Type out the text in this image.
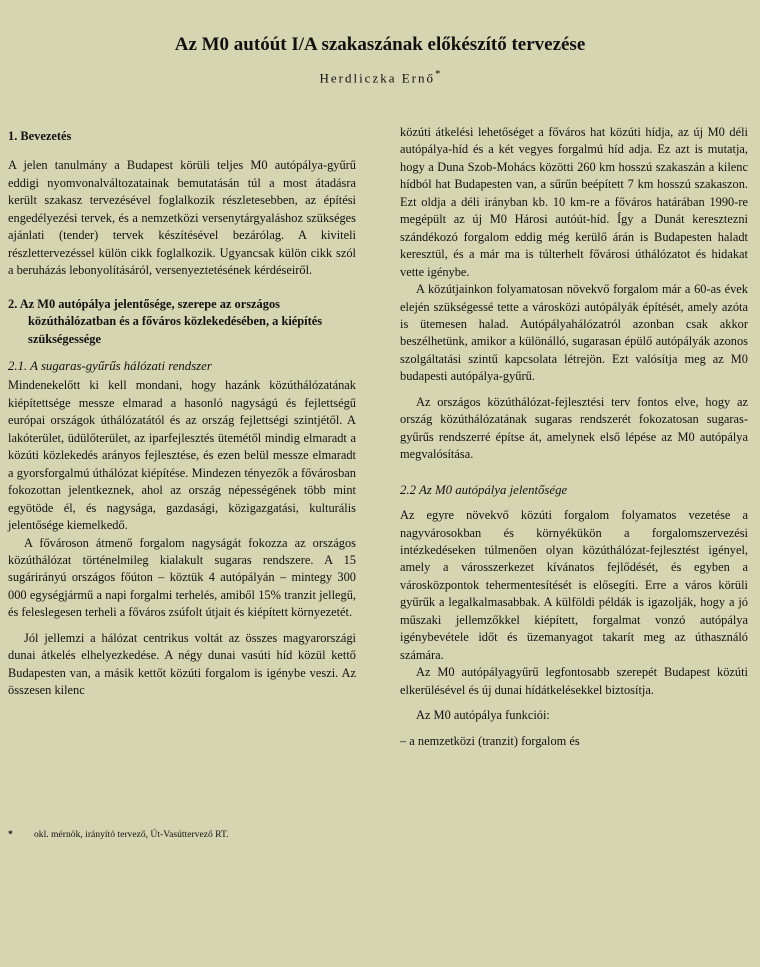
Az M0 autóút I/A szakaszának előkészítő tervezése
Herdliczka Ernő*

1. Bevezetés

A jelen tanulmány a Budapest körüli teljes M0 autópálya-gyűrű eddigi nyomvonalváltozatainak bemutatásán túl a most átadásra került szakasz tervezésével foglalkozik részletesebben, az építési engedélyezési tervek, és a nemzetközi versenytárgyaláshoz szükséges ajánlati (tender) tervek készítésével bezárólag. A kiviteli részlettervezéssel külön cikk foglalkozik. Ugyancsak külön cikk szól a beruházás lebonyolításáról, versenyeztetésének kérdéseiről.

2. Az M0 autópálya jelentősége, szerepe az országos közúthálózatban és a főváros közlekedésében, a kiépítés szükségessége

2.1. A sugaras-gyűrűs hálózati rendszer

Mindenekelőtt ki kell mondani, hogy hazánk közúthálózatának kiépítettsége messze elmarad a hasonló nagyságú és fejlettségű európai országok úthálózatától és az ország fejlettségi szintjétől. A lakóterület, üdülőterület, az iparfejlesztés ütemétől mindig elmaradt a közúti közlekedés arányos fejlesztése, és ezen belül messze elmaradt a gyorsforgalmú úthálózat kiépítése. Mindezen tényezők a fővárosban fokozottan jelentkeznek, ahol az ország népességének több mint egyötöde él, és nagysága, gazdasági, közigazgatási, kulturális jelentősége kiemelkedő.

A fővároson átmenő forgalom nagyságát fokozza az országos közúthálózat történelmileg kialakult sugaras rendszere. A 15 sugárirányú országos főúton – köztük 4 autópályán – mintegy 300 000 egységjármű a napi forgalmi terhelés, amiből 15% tranzit jellegű, és feleslegesen terheli a főváros zsúfolt útjait és kiépített környezetét.

Jól jellemzi a hálózat centrikus voltát az összes magyarországi dunai átkelés elhelyezkedése. A négy dunai vasúti híd közül kettő Budapesten van, a másik kettőt közúti forgalom is igénybe veszi. Az összesen kilenc

közúti átkelési lehetőséget a főváros hat közúti hídja, az új M0 déli autópálya-híd és a két vegyes forgalmú híd adja. Ez azt is mutatja, hogy a Duna Szob-Mohács közötti 260 km hosszú szakaszán a kilenc hídból hat Budapesten van, a sűrűn beépített 7 km hosszú szakaszon. Ezt oldja a déli irányban kb. 10 km-re a főváros határában 1990-re megépült az új M0 Hárosi autóút-híd. Így a Dunát keresztezni szándékozó forgalom eddig még kerülő árán is Budapesten haladt keresztül, és a már ma is túlterhelt fővárosi úthálózatot és hidakat vette igénybe.

A közútjainkon folyamatosan növekvő forgalom már a 60-as évek elején szükségessé tette a városközi autópályák építését, amely azóta is ütemesen halad. Autópályahálózatról azonban csak akkor beszélhetünk, amikor a különálló, sugarasan épülő autópályák azonos szolgáltatási szintű kapcsolata létrejön. Ezt valósítja meg az M0 budapesti autópálya-gyűrű.

Az országos közúthálózat-fejlesztési terv fontos elve, hogy az ország közúthálózatának sugaras rendszerét fokozatosan sugaras-gyűrűs rendszerré építse át, amelynek első lépése az M0 autópálya megvalósítása.

2.2 Az M0 autópálya jelentősége

Az egyre növekvő közúti forgalom folyamatos vezetése a nagyvárosokban és környékükön a forgalomszervezési intézkedéseken túlmenően olyan közúthálózat-fejlesztést igényel, amely a városszerkezet kívánatos fejlődését, és egyben a városközpontok tehermentesítését is elősegíti. Erre a város körüli gyűrűk a legalkalmasabbak. A külföldi példák is igazolják, hogy a jó műszaki jellemzőkkel kiépített, forgalmat vonzó autópálya igénybevétele időt és üzemanyagot takarít meg az úthasználó számára.

Az M0 autópályagyűrű legfontosabb szerepét Budapest közúti elkerülésével és új dunai hídátkelésekkel biztosítja.

Az M0 autópálya funkciói:

– a nemzetközi (tranzit) forgalom és

* okl. mérnök, irányító tervező, Út-Vasúttervező RT.
